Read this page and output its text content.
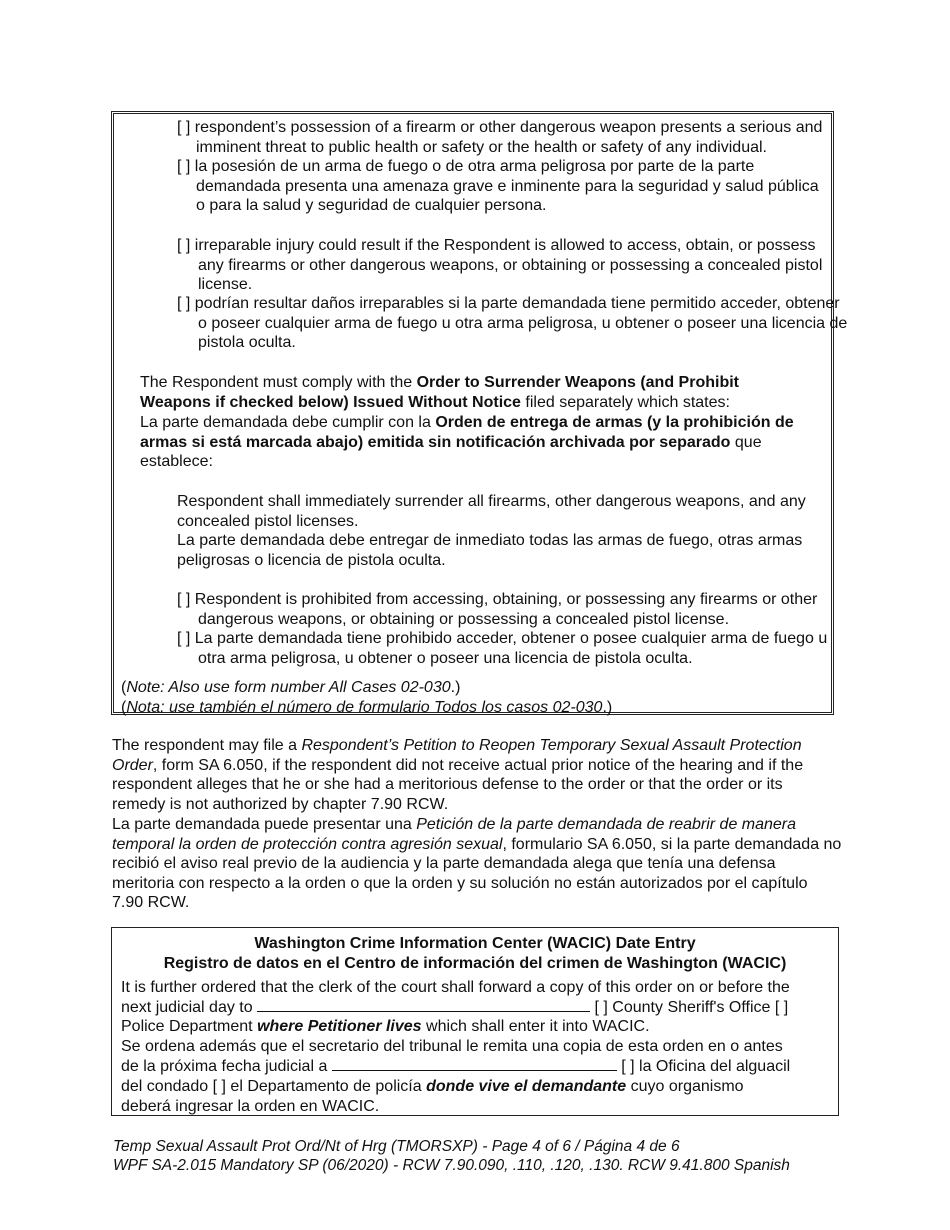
[ ] respondent’s possession of a firearm or other dangerous weapon presents a serious and imminent threat to public health or safety or the health or safety of any individual.

[ ] la posesión de un arma de fuego o de otra arma peligrosa por parte de la parte demandada presenta una amenaza grave e inminente para la seguridad y salud pública o para la salud y seguridad de cualquier persona.

[ ] irreparable injury could result if the Respondent is allowed to access, obtain, or possess any firearms or other dangerous weapons, or obtaining or possessing a concealed pistol license.

[ ] podrían resultar daños irreparables si la parte demandada tiene permitido acceder, obtener o poseer cualquier arma de fuego u otra arma peligrosa, u obtener o poseer una licencia de pistola oculta.

The Respondent must comply with the Order to Surrender Weapons (and Prohibit Weapons if checked below) Issued Without Notice filed separately which states:

La parte demandada debe cumplir con la Orden de entrega de armas (y la prohibición de armas si está marcada abajo) emitida sin notificación archivada por separado que establece:

Respondent shall immediately surrender all firearms, other dangerous weapons, and any concealed pistol licenses.

La parte demandada debe entregar de inmediato todas las armas de fuego, otras armas peligrosas o licencia de pistola oculta.

[ ] Respondent is prohibited from accessing, obtaining, or possessing any firearms or other dangerous weapons, or obtaining or possessing a concealed pistol license.

[ ] La parte demandada tiene prohibido acceder, obtener o posee cualquier arma de fuego u otra arma peligrosa, u obtener o poseer una licencia de pistola oculta.

(Note: Also use form number All Cases 02-030.)

(Nota: use también el número de formulario Todos los casos 02-030.)

The respondent may file a Respondent’s Petition to Reopen Temporary Sexual Assault Protection Order, form SA 6.050, if the respondent did not receive actual prior notice of the hearing and if the respondent alleges that he or she had a meritorious defense to the order or that the order or its remedy is not authorized by chapter 7.90 RCW.

La parte demandada puede presentar una Petición de la parte demandada de reabrir de manera temporal la orden de protección contra agresión sexual, formulario SA 6.050, si la parte demandada no recibió el aviso real previo de la audiencia y la parte demandada alega que tenía una defensa meritoria con respecto a la orden o que la orden y su solución no están autorizados por el capítulo 7.90 RCW.

Washington Crime Information Center (WACIC) Date Entry
Registro de datos en el Centro de información del crimen de Washington (WACIC)
It is further ordered that the clerk of the court shall forward a copy of this order on or before the
next judicial day to	[ ] County Sheriff's Office [ ]
Police Department where Petitioner lives which shall enter it into WACIC.
Se ordena además que el secretario del tribunal le remita una copia de esta orden en o antes
de la próxima fecha judicial a	[ ] la Oficina del alguacil
del condado [ ] el Departamento de policía donde vive el demandante cuyo organismo
deberá ingresar la orden en WACIC.
Temp Sexual Assault Prot Ord/Nt of Hrg (TMORSXP) - Page 4 of 6 / Página 4 de 6
WPF SA-2.015 Mandatory SP (06/2020) - RCW 7.90.090, .110, .120, .130. RCW 9.41.800 Spanish
